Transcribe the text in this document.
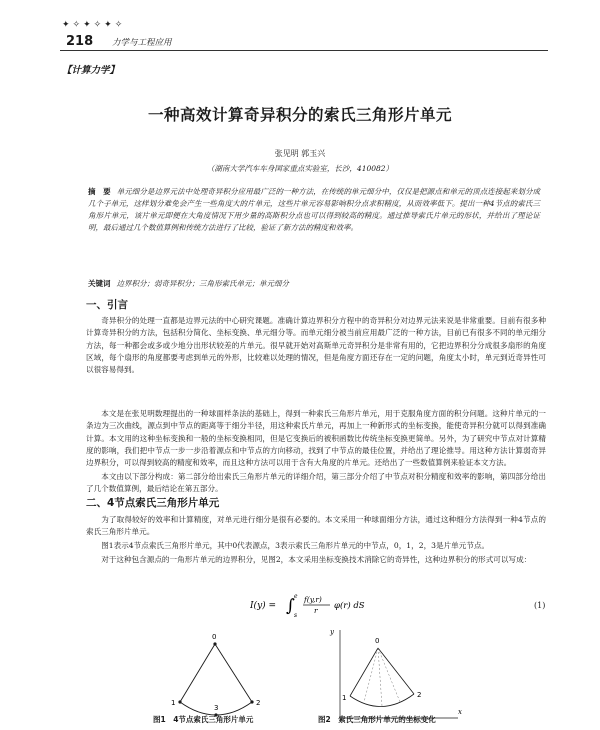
✦✧✦✧✦✧
218 力学与工程应用
【计算力学】
一种高效计算奇异积分的索氏三角形片单元
张见明 郭玉兴
（湖南大学汽车车身国家重点实验室，长沙，410082）
摘　要 单元细分是边界元法中处理奇异积分应用最广泛的一种方法，在传统的单元细分中，仅仅是把源点和单元的顶点连接起来划分成几个子单元，这样划分难免会产生一些角度大的片单元，这些片单元容易影响积分点求积精度，从而效率低下。提出一种4节点的索氏三角形片单元，该片单元即便在大角度情况下用少量的高斯积分点也可以得到较高的精度。通过推导索氏片单元的形状，并给出了理论证明，最后通过几个数值算例和传统方法进行了比较，验证了新方法的精度和效率。
关键词 边界积分；弱奇异积分；三角形索氏单元；单元细分
一、引言
奇异积分的处理一直都是边界元法的中心研究课题。准确计算边界积分方程中的奇异积分对边界元法来说是非常重要。目前有很多种计算奇异积分的方法，包括积分简化、坐标变换、单元细分等。而单元细分被当前应用最广泛的一种方法，目前已有很多不同的单元细分方法，每一种都会或多或少地分出形状较差的片单元。很早就开始对高斯单元奇异积分是非常有用的，它把边界积分分成很多扇形的角度区域，每个扇形的角度都要考虑到单元的外形，比较难以处理的情况，但是角度方面还存在一定的问题，角度太小时，单元到近奇异性可以很容易得到。
本文是在张见明数理提出的一种球面样条法的基础上，得到一种索氏三角形片单元，用于克服角度方面的积分问题。这种片单元的一条边为三次曲线，源点到中节点的距离等于细分半径，用这种索氏片单元，再加上一种新形式的坐标变换，能使奇异积分就可以得到准确计算。本文用的这种坐标变换和一般的坐标变换相同，但是它变换后的被积函数比传统坐标变换更简单。另外，为了研究中节点对计算精度的影响，我们把中节点一步一步沿着源点和中节点的方向移动，找到了中节点的最佳位置，并给出了理论推导。用这种方法计算弱奇异边界积分，可以得到较高的精度和效率，而且这种方法可以用于含有大角度的片单元。还给出了一些数值算例来验证本文方法。
本文由以下部分构成：第二部分给出索氏三角形片单元的详细介绍，第三部分介绍了中节点对积分精度和效率的影响，第四部分给出了几个数值算例，最后结论在第五部分。
二、4节点索氏三角形片单元
为了取得较好的效率和计算精度，对单元进行细分是很有必要的。本文采用一种球面细分方法，通过这种细分方法得到一种4节点的索氏三角形片单元。
图1表示4节点索氏三角形片单元，其中0代表源点，3表示索氏三角形片单元的中节点，0，1，2，3是片单元节点。
对于这种包含源点的一角形片单元的边界积分，见图2，本文采用坐标变换技术消除它的奇异性，这种边界积分的形式可以写成：
I(y) = ∫ e
s
f(y,r)
r φ(r) dS	(1)
0
1	2
3
y
x
0
1	2
图1　4节点索氏三角形片单元	图2　索氏三角形片单元的坐标变化
